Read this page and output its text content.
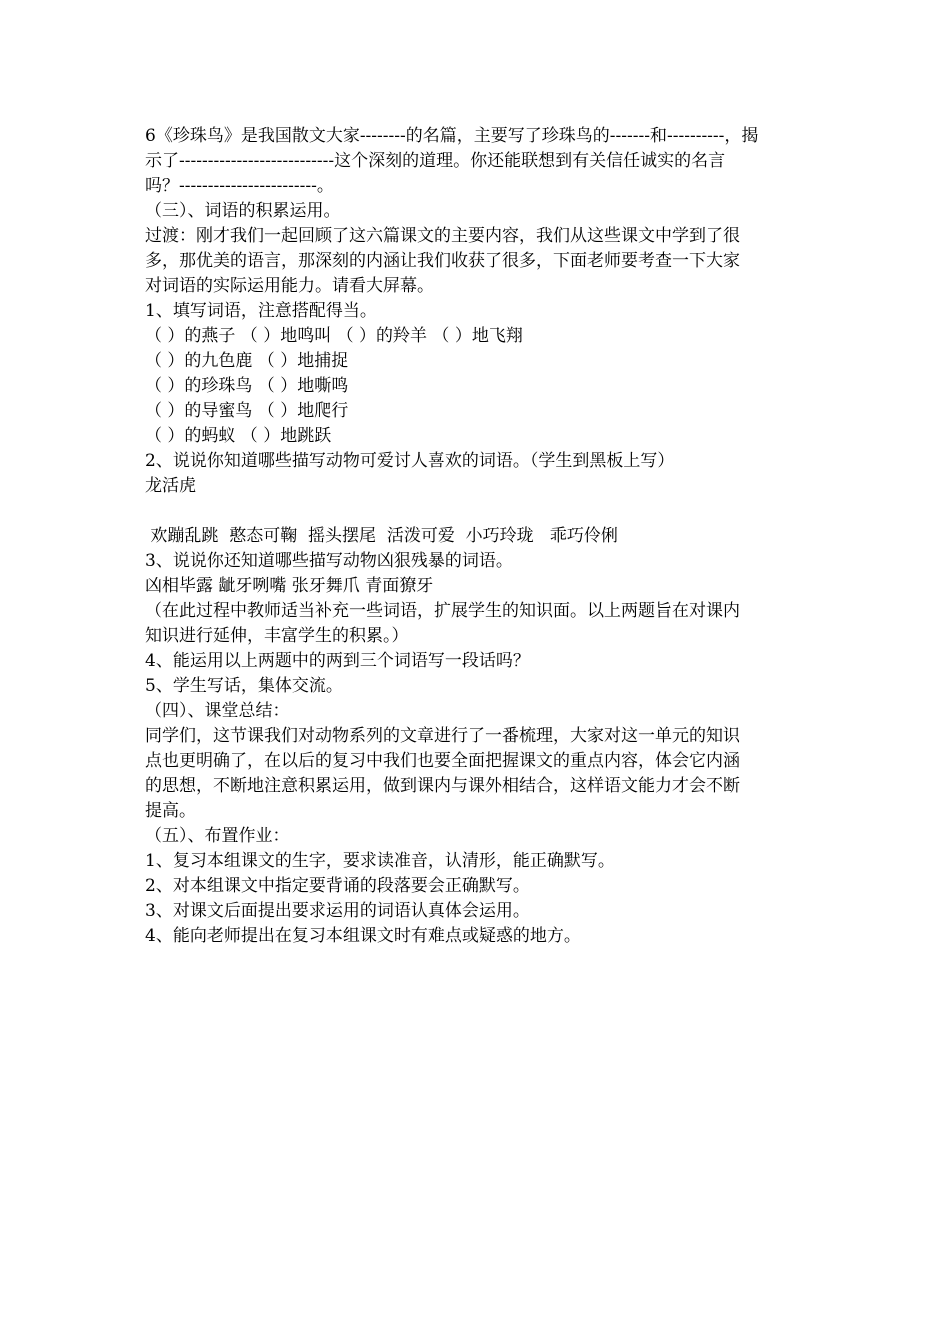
6《珍珠鸟》是我国散文大家--------的名篇，主要写了珍珠鸟的-------和----------，揭
示了---------------------------这个深刻的道理。你还能联想到有关信任诚实的名言
吗？------------------------。
（三）、词语的积累运用。
过渡：刚才我们一起回顾了这六篇课文的主要内容，我们从这些课文中学到了很
多，那优美的语言，那深刻的内涵让我们收获了很多，下面老师要考查一下大家
对词语的实际运用能力。请看大屏幕。
1、填写词语，注意搭配得当。
（ ）的燕子 （ ）地鸣叫 （ ）的羚羊 （ ）地飞翔
（ ）的九色鹿 （ ）地捕捉
（ ）的珍珠鸟 （ ）地嘶鸣
（ ）的导蜜鸟 （ ）地爬行
（ ）的蚂蚁 （ ）地跳跃
2、说说你知道哪些描写动物可爱讨人喜欢的词语。（学生到黑板上写）
龙活虎
欢蹦乱跳  憨态可鞠  摇头摆尾  活泼可爱  小巧玲珑   乖巧伶俐
3、说说你还知道哪些描写动物凶狠残暴的词语。
凶相毕露 龇牙咧嘴 张牙舞爪 青面獠牙
（在此过程中教师适当补充一些词语，扩展学生的知识面。以上两题旨在对课内
知识进行延伸，丰富学生的积累。）
4、能运用以上两题中的两到三个词语写一段话吗？
5、学生写话，集体交流。
（四）、课堂总结：
同学们，这节课我们对动物系列的文章进行了一番梳理，大家对这一单元的知识
点也更明确了，在以后的复习中我们也要全面把握课文的重点内容，体会它内涵
的思想，不断地注意积累运用，做到课内与课外相结合，这样语文能力才会不断
提高。
（五）、布置作业：
1、复习本组课文的生字，要求读准音，认清形，能正确默写。
2、对本组课文中指定要背诵的段落要会正确默写。
3、对课文后面提出要求运用的词语认真体会运用。
4、能向老师提出在复习本组课文时有难点或疑惑的地方。
